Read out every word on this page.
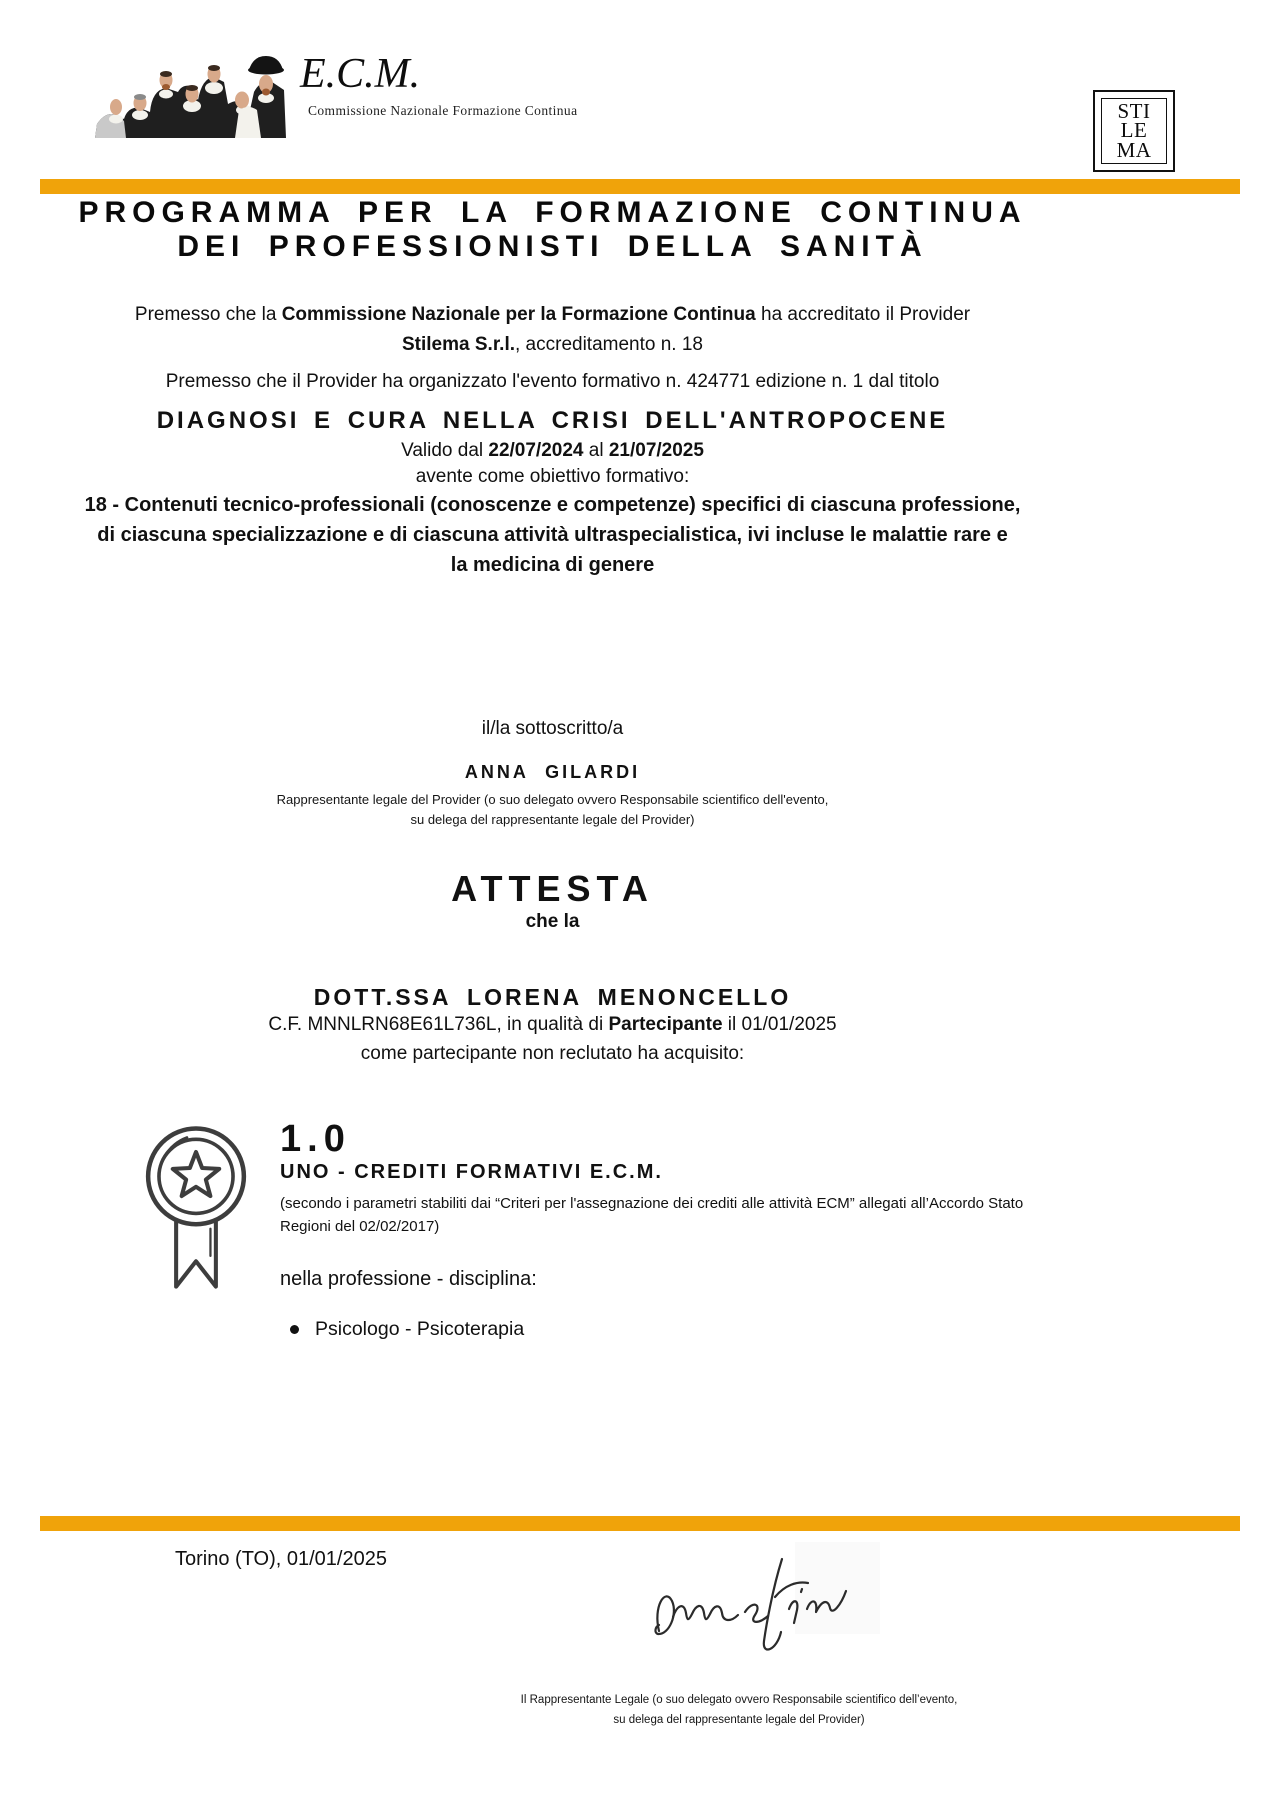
E.C.M.
Commissione Nazionale Formazione Continua	STI
LE
MA
PROGRAMMA PER LA FORMAZIONE CONTINUA
DEI PROFESSIONISTI DELLA SANITÀ
Premesso che la Commissione Nazionale per la Formazione Continua ha accreditato il Provider
Stilema S.r.l., accreditamento n. 18
Premesso che il Provider ha organizzato l'evento formativo n. 424771 edizione n. 1 dal titolo
DIAGNOSI E CURA NELLA CRISI DELL'ANTROPOCENE
Valido dal 22/07/2024 al 21/07/2025
avente come obiettivo formativo:
18 - Contenuti tecnico-professionali (conoscenze e competenze) specifici di ciascuna professione,
di ciascuna specializzazione e di ciascuna attività ultraspecialistica, ivi incluse le malattie rare e
la medicina di genere
il/la sottoscritto/a
ANNA GILARDI
Rappresentante legale del Provider (o suo delegato ovvero Responsabile scientifico dell'evento,
su delega del rappresentante legale del Provider)
ATTESTA
che la
DOTT.SSA LORENA MENONCELLO
C.F. MNNLRN68E61L736L, in qualità di Partecipante il 01/01/2025
come partecipante non reclutato ha acquisito:
1.0
UNO - CREDITI FORMATIVI E.C.M.
(secondo i parametri stabiliti dai “Criteri per l'assegnazione dei crediti alle attività ECM” allegati all’Accordo Stato
Regioni del 02/02/2017)
nella professione - disciplina:
Psicologo - Psicoterapia
Torino (TO), 01/01/2025
Il Rappresentante Legale (o suo delegato ovvero Responsabile scientifico dell’evento,
su delega del rappresentante legale del Provider)
